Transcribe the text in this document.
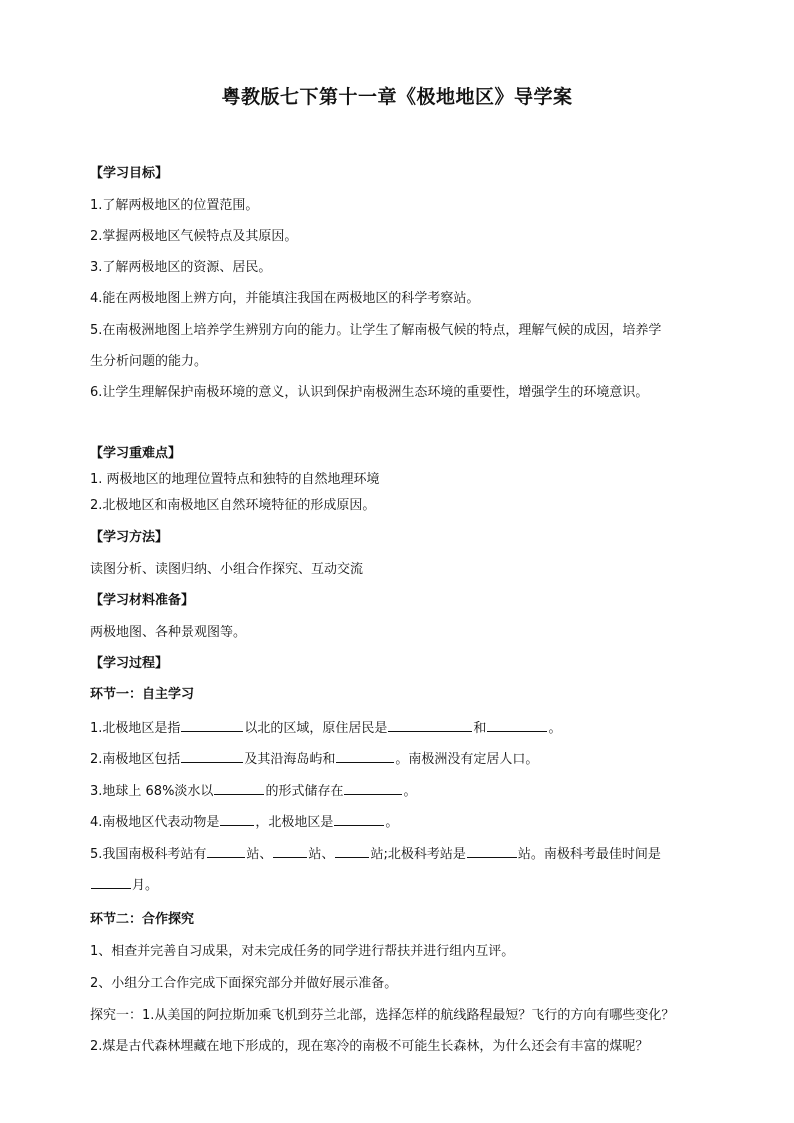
粤教版七下第十一章《极地地区》导学案
【学习目标】
1.了解两极地区的位置范围。
2.掌握两极地区气候特点及其原因。
3.了解两极地区的资源、居民。
4.能在两极地图上辨方向，并能填注我国在两极地区的科学考察站。
5.在南极洲地图上培养学生辨别方向的能力。让学生了解南极气候的特点，理解气候的成因，培养学
生分析问题的能力。
6.让学生理解保护南极环境的意义，认识到保护南极洲生态环境的重要性，增强学生的环境意识。
【学习重难点】
1. 两极地区的地理位置特点和独特的自然地理环境
2.北极地区和南极地区自然环境特征的形成原因。
【学习方法】
读图分析、读图归纳、小组合作探究、互动交流
【学习材料准备】
两极地图、各种景观图等。
【学习过程】
环节一：自主学习
1.北极地区是指	以北的区域，原住居民是	和	。
2.南极地区包括	及其沿海岛屿和	。南极洲没有定居人口。
3.地球上 68%淡水以	的形式储存在	。
4.南极地区代表动物是	，北极地区是	。
5.我国南极科考站有	站、	站、	站;北极科考站是	站。南极科考最佳时间是
月。
环节二：合作探究
1、相查并完善自习成果，对未完成任务的同学进行帮扶并进行组内互评。
2、小组分工合作完成下面探究部分并做好展示准备。
探究一：1.从美国的阿拉斯加乘飞机到芬兰北部，选择怎样的航线路程最短？飞行的方向有哪些变化？
2.煤是古代森林埋藏在地下形成的，现在寒冷的南极不可能生长森林，为什么还会有丰富的煤呢？
